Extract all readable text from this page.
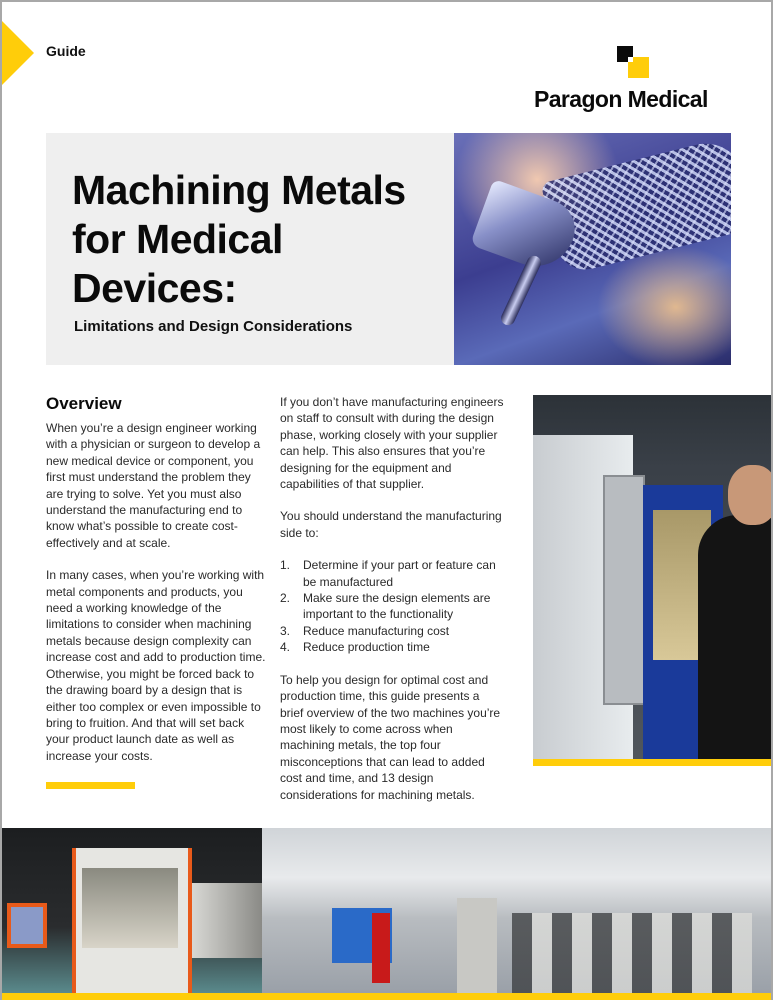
Guide
Paragon Medical
Machining Metals
for Medical
Devices:
Limitations and Design Considerations
Overview

When you’re a design engineer working with a physician or surgeon to develop a new medical device or component, you first must understand the problem they are trying to solve. Yet you must also understand the manufacturing end to know what’s possible to create cost-effectively and at scale.

In many cases, when you’re working with metal components and products, you need a working knowledge of the limitations to consider when machining metals because design complexity can increase cost and add to production time. Otherwise, you might be forced back to the drawing board by a design that is either too complex or even impossible to bring to fruition. And that will set back your product launch date as well as increase your costs.

If you don’t have manufacturing engineers on staff to consult with during the design phase, working closely with your supplier can help. This also ensures that you’re designing for the equipment and capabilities of that supplier.

You should understand the manufacturing side to:

1.	Determine if your part or feature can be manufactured
2.	Make sure the design elements are important to the functionality
3.	Reduce manufacturing cost
4.	Reduce production time

To help you design for optimal cost and production time, this guide presents a brief overview of the two machines you’re most likely to come across when machining metals, the top four misconceptions that can lead to added cost and time, and 13 design considerations for machining metals.
